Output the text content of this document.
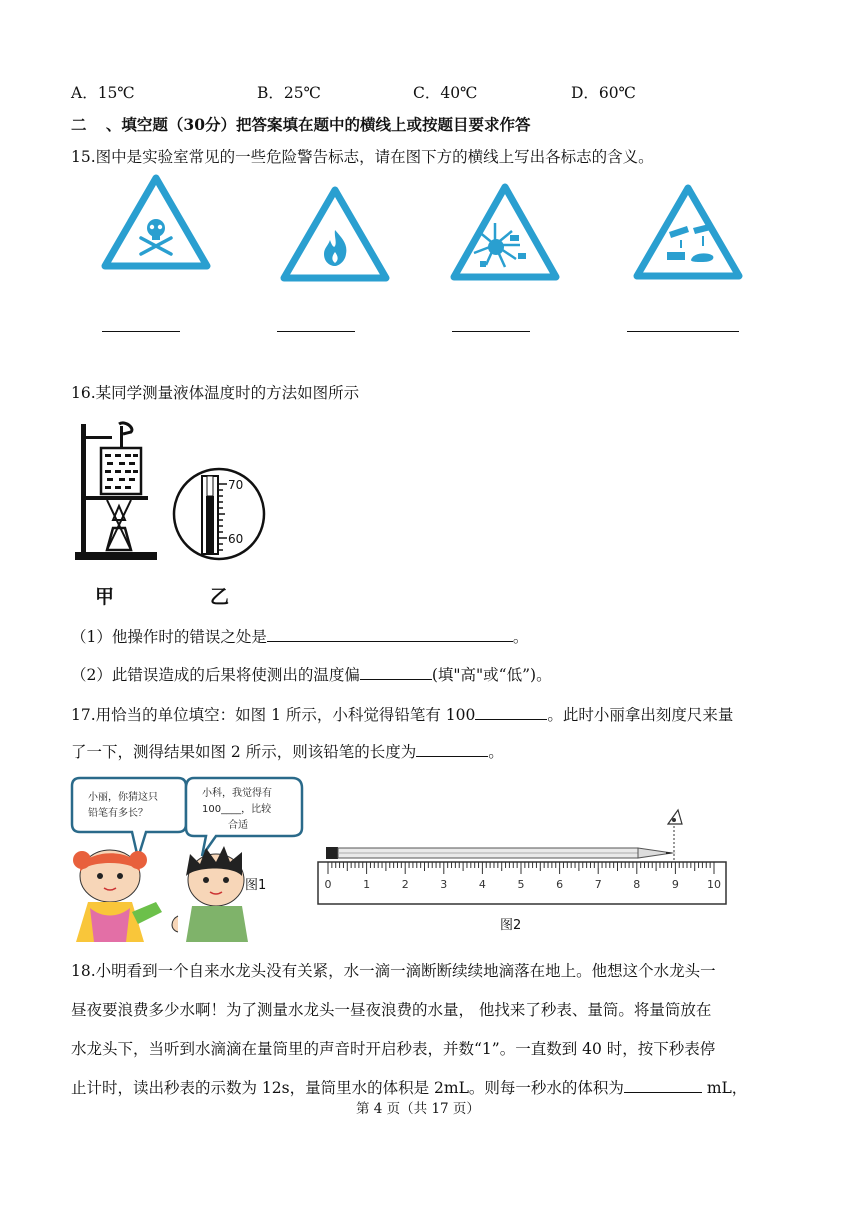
A．15℃	B．25℃	C．40℃	D．60℃
二 、填空题（30分）把答案填在题中的横线上或按题目要求作答
15.图中是实验室常见的一些危险警告标志，请在图下方的横线上写出各标志的含义。
16.某同学测量液体温度时的方法如图所示
甲
70
60
乙
（1）他操作时的错误之处是	。
（2）此错误造成的后果将使测出的温度偏	(填"高"或“低”)。
17.用恰当的单位填空：如图 1 所示，小科觉得铅笔有 100	。此时小丽拿出刻度尺来量
了一下，测得结果如图 2 所示，则该铅笔的长度为	。
小丽，你猜这只
铅笔有多长？
小科，我觉得有
100____，比较
合适
图1	0	1	2	3	4	5	6	7	8	9	10
图2
18.小明看到一个自来水龙头没有关紧，水一滴一滴断断续续地滴落在地上。他想这个水龙头一
昼夜要浪费多少水啊！为了测量水龙头一昼夜浪费的水量， 他找来了秒表、量筒。将量筒放在
水龙头下，当听到水滴滴在量筒里的声音时开启秒表，并数“1”。一直数到 40 时，按下秒表停
止计时，读出秒表的示数为 12s，量筒里水的体积是 2mL。则每一秒水的体积为	mL，
第 4 页（共 17 页）
